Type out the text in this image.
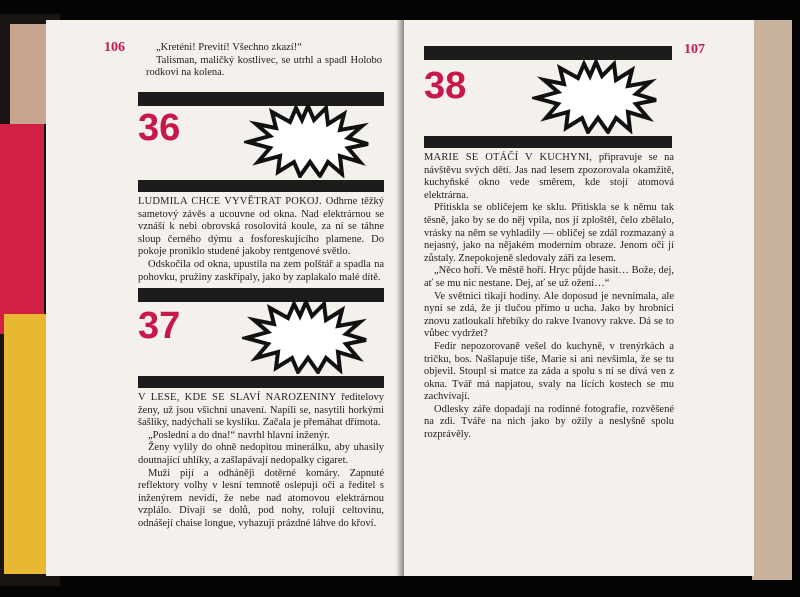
106	„Kreténi! Prevití! Všechno zkazí!“

Talisman, maličký kostlivec, se utrhl a spadl Holobo rodkovi na kolena.

36

LUDMILA CHCE VYVĚTRAT POKOJ. Odhrne těžký sametový závěs a ucouvne od okna. Nad elektrárnou se vznáší k nebi obrovská rosolovitá koule, za ní se táhne sloup černého dýmu a fosforeskujícího plamene. Do pokoje proniklo studené jakoby rentgenové světlo.

Odskočila od okna, upustila na zem polštář a spadla na pohovku, pružiny zaskřípaly, jako by zaplakalo malé dítě.

37

V LESE, KDE SE SLAVÍ NAROZENINY ředitelovy ženy, už jsou všichni unavení. Napili se, nasytili horkými šašliky, nadýchali se kyslíku. Začala je přemáhat dřímota.

„Poslední a do dna!“ navrhl hlavní inženýr.

Ženy vylily do ohně nedopitou minerálku, aby uhasily doutnající uhlíky, a zašlapávají nedopalky cigaret.

Muži pijí a odháněji dotěrné komáry. Zapnuté reflektory volhy v lesní temnotě oslepují oči a ředitel s inženýrem nevidí, že nebe nad atomovou elektrárnou vzplálo. Dívají se dolů, pod nohy, rolují celtovinu, odnášejí chaise longue, vyhazují prázdné láhve do křoví.

107
38

MARIE SE OTÁČÍ V KUCHYNI, připravuje se na návštěvu svých dětí. Jas nad lesem zpozorovala okamžitě, kuchyňské okno vede směrem, kde stojí atomová elektrárna.

Přitiskla se obličejem ke sklu. Přitiskla se k němu tak těsně, jako by se do něj vpila, nos jí zploštěl, čelo zbělalo, vrásky na něm se vyhladily — obličej se zdál rozmazaný a nejasný, jako na nějakém moderním obraze. Jenom oči jí zůstaly. Znepokojeně sledovaly záři za lesem.

„Něco hoří. Ve městě hoří. Hryc půjde hasit… Bože, dej, ať se mu nic nestane. Dej, ať se už ožení…“

Ve světnici tikají hodiny. Ale doposud je nevnímala, ale nyní se zdá, že jí tlučou přímo u ucha. Jako by hrobníci znovu zatloukali hřebíky do rakve Ivanovy rakve. Dá se to vůbec vydržet?

Fedir nepozorovaně vešel do kuchyně, v trenýrkách a tričku, bos. Našlapuje tiše, Marie si ani nevšimla, že se tu objevil. Stoupl si matce za záda a spolu s ní se dívá ven z okna. Tvář má napjatou, svaly na lících kostech se mu zachvívají.

Odlesky záře dopadají na rodinné fotografie, rozvěšené na zdi. Tváře na nich jako by ožily a neslyšně spolu rozprávěly.
